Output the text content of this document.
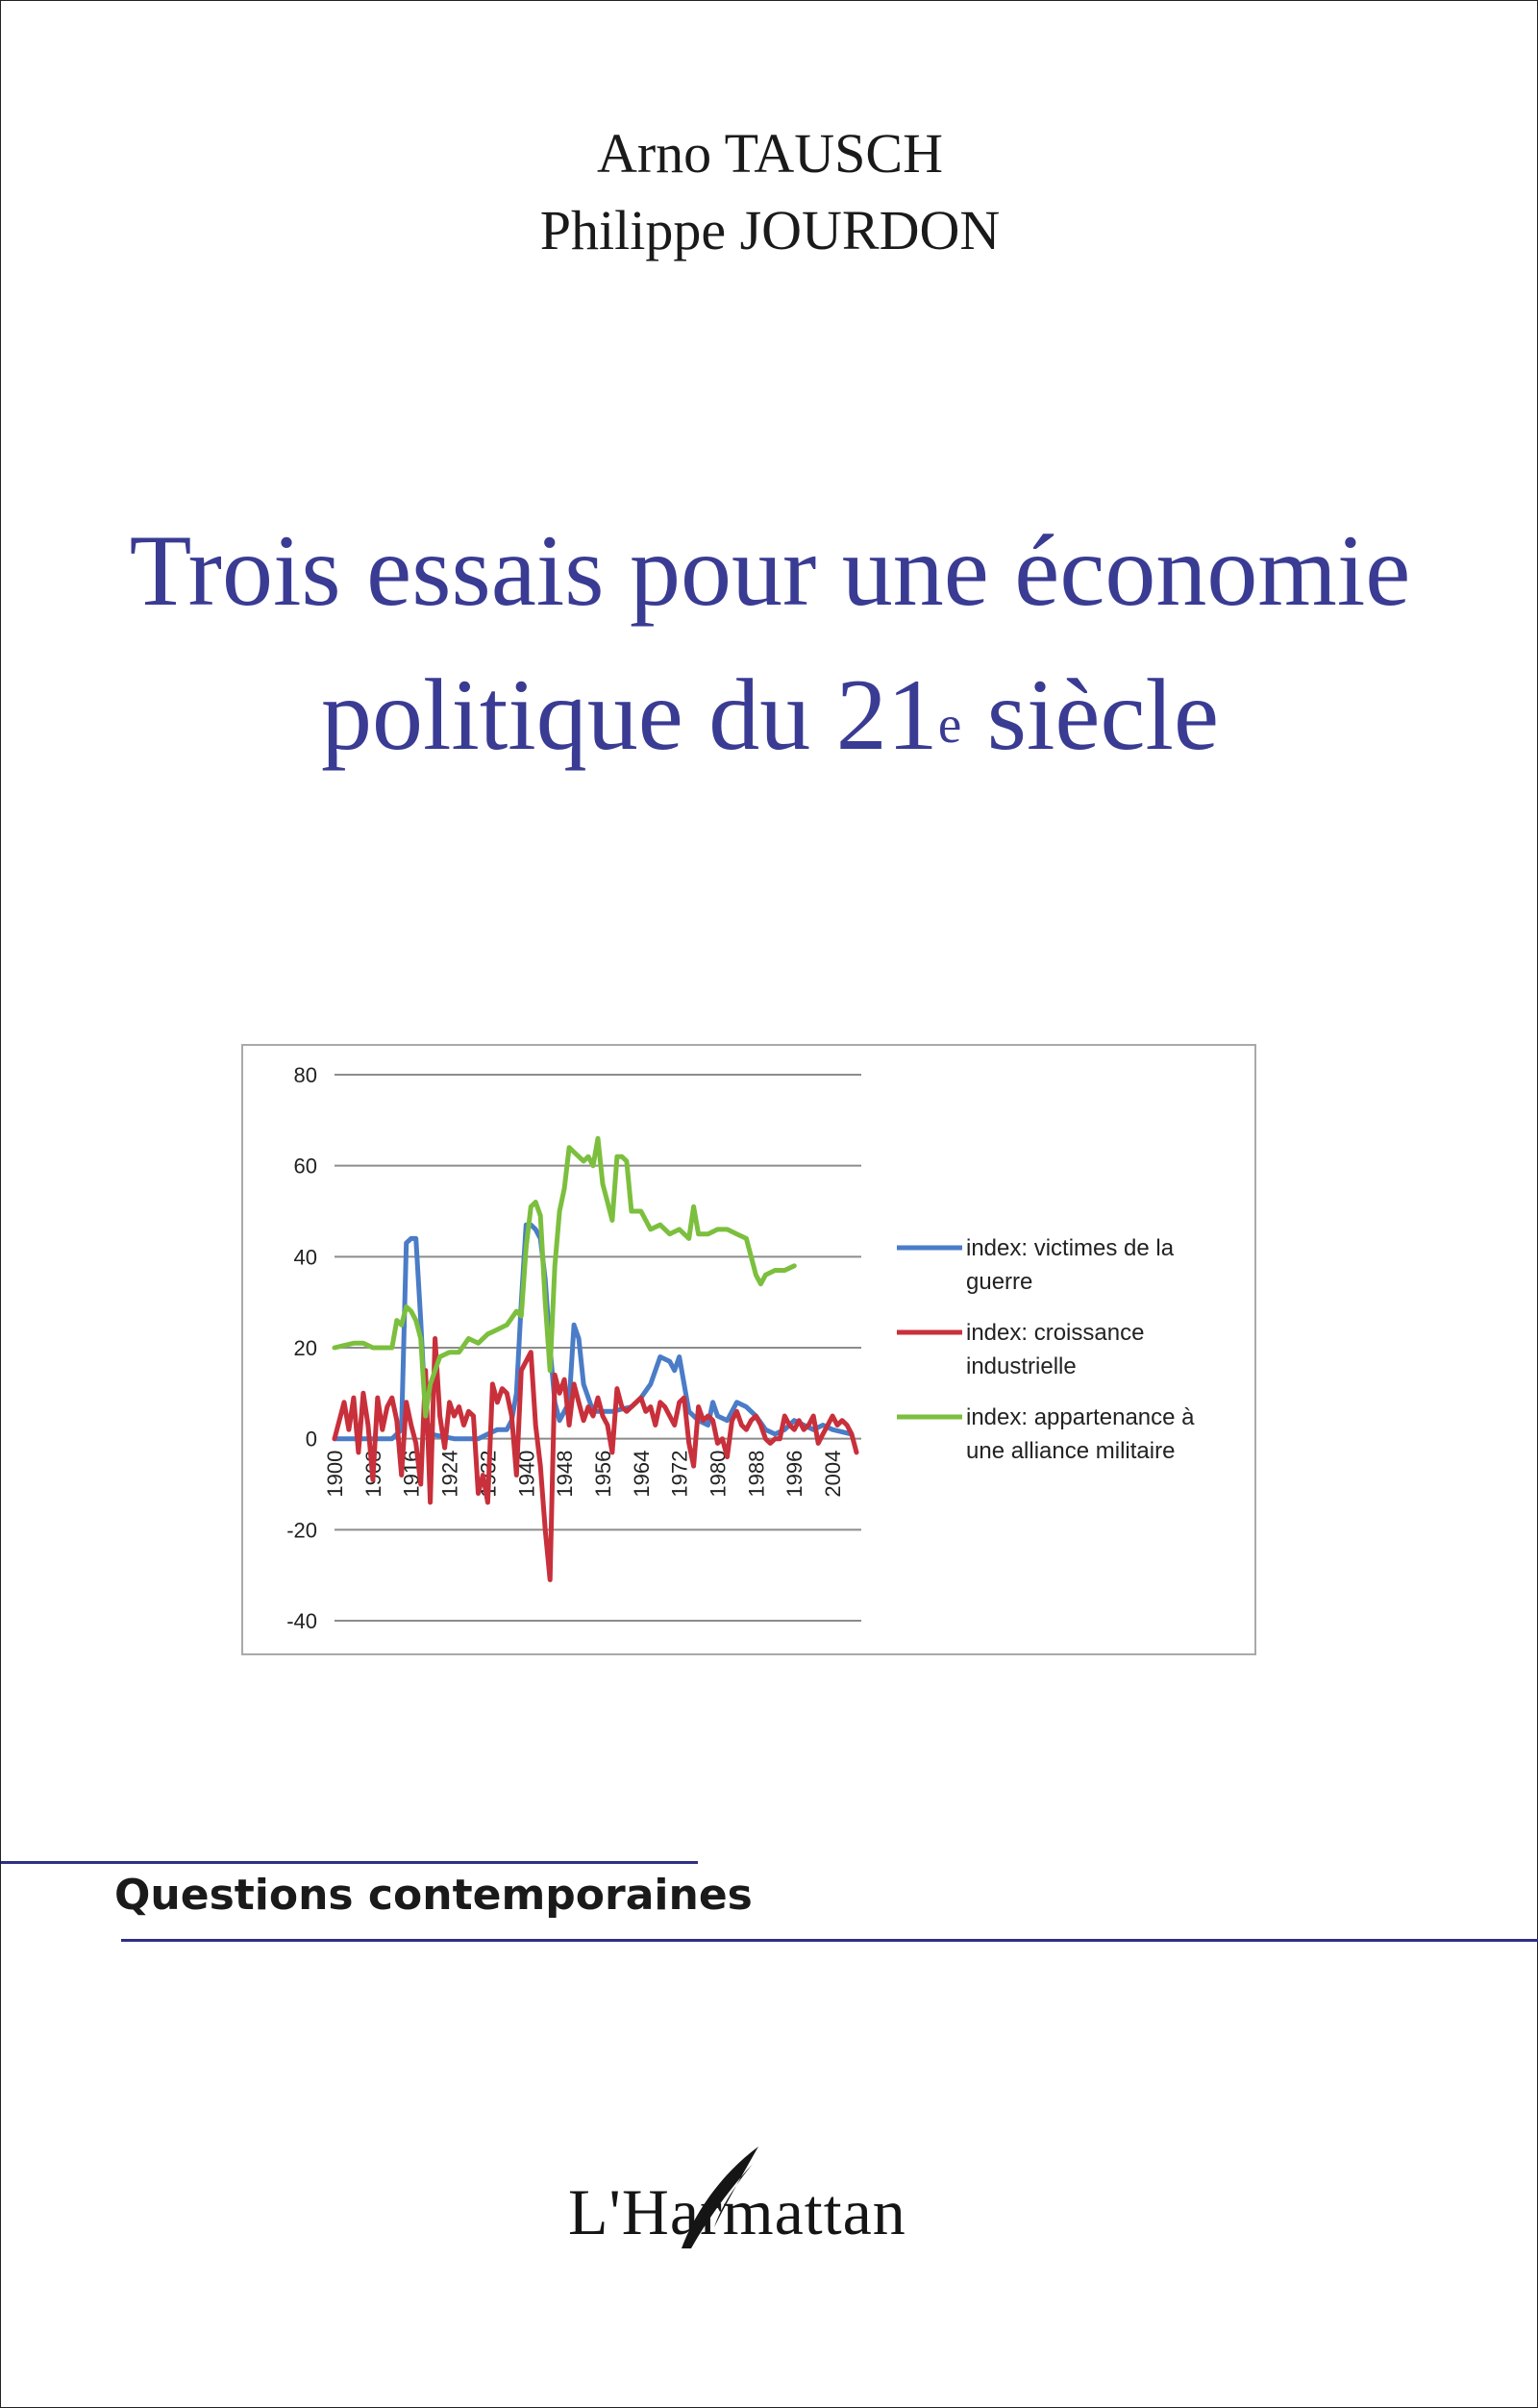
Arno TAUSCH
Philippe JOURDON
Trois essais pour une économie
politique du 21e siècle
80
60
40
20
0
-20
-40
1900 1908 1916 1924 1932 1940 1948 1956 1964 1972 1980 1988 1996 2004
index: victimes de la
guerre
index: croissance
industrielle
index: appartenance à
une alliance militaire
Questions contemporaines
L'Harmattan
